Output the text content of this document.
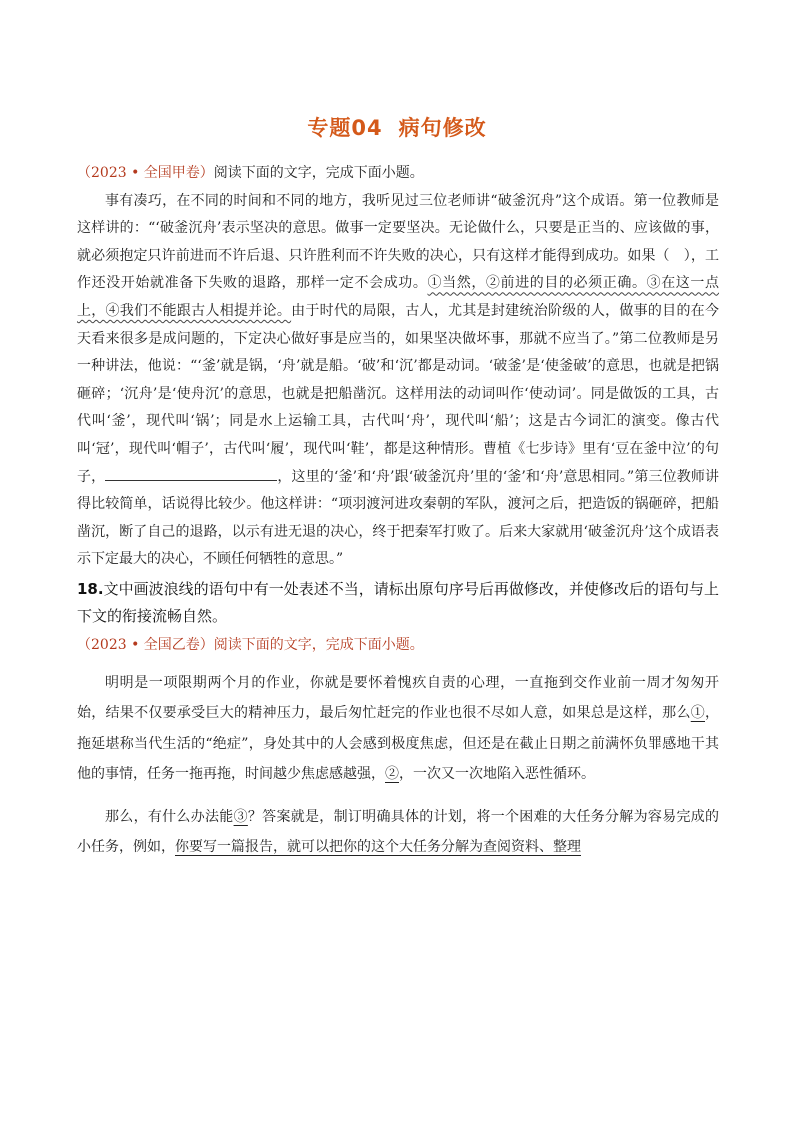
专题04 病句修改

（2023 • 全国甲卷）阅读下面的文字，完成下面小题。

事有凑巧，在不同的时间和不同的地方，我听见过三位老师讲“破釜沉舟”这个成语。第一位教师是这样讲的：“‘破釜沉舟’表示坚决的意思。做事一定要坚决。无论做什么，只要是正当的、应该做的事，就必须抱定只许前进而不许后退、只许胜利而不许失败的决心，只有这样才能得到成功。如果（　），工作还没开始就准备下失败的退路，那样一定不会成功。①当然，②前进的目的必须正确。③在这一点上，④我们不能跟古人相提并论。由于时代的局限，古人，尤其是封建统治阶级的人，做事的目的在今天看来很多是成问题的，下定决心做好事是应当的，如果坚决做坏事，那就不应当了。”第二位教师是另一种讲法，他说：“‘釜’就是锅，‘舟’就是船。‘破’和‘沉’都是动词。‘破釜’是‘使釜破’的意思，也就是把锅砸碎；‘沉舟’是‘使舟沉’的意思，也就是把船凿沉。这样用法的动词叫作‘使动词’。同是做饭的工具，古代叫‘釜’，现代叫‘锅’；同是水上运输工具，古代叫‘舟’，现代叫‘船’；这是古今词汇的演变。像古代叫‘冠’，现代叫‘帽子’，古代叫‘履’，现代叫‘鞋’，都是这种情形。曹植《七步诗》里有‘豆在釜中泣’的句子，	，这里的‘釜’和‘舟’跟‘破釜沉舟’里的‘釜’和‘舟’意思相同。”第三位教师讲得比较简单，话说得比较少。他这样讲：“项羽渡河进攻秦朝的军队，渡河之后，把造饭的锅砸碎，把船凿沉，断了自己的退路，以示有进无退的决心，终于把秦军打败了。后来大家就用‘破釜沉舟’这个成语表示下定最大的决心，不顾任何牺牲的意思。”

18.文中画波浪线的语句中有一处表述不当，请标出原句序号后再做修改，并使修改后的语句与上下文的衔接流畅自然。

（2023 • 全国乙卷）阅读下面的文字，完成下面小题。

明明是一项限期两个月的作业，你就是要怀着愧疚自责的心理，一直拖到交作业前一周才匆匆开始，结果不仅要承受巨大的精神压力，最后匆忙赶完的作业也很不尽如人意，如果总是这样，那么①，拖延堪称当代生活的“绝症”，身处其中的人会感到极度焦虑，但还是在截止日期之前满怀负罪感地干其他的事情，任务一拖再拖，时间越少焦虑感越强，②，一次又一次地陷入恶性循环。

那么，有什么办法能③？答案就是，制订明确具体的计划，将一个困难的大任务分解为容易完成的小任务，例如，你要写一篇报告，就可以把你的这个大任务分解为查阅资料、整理
